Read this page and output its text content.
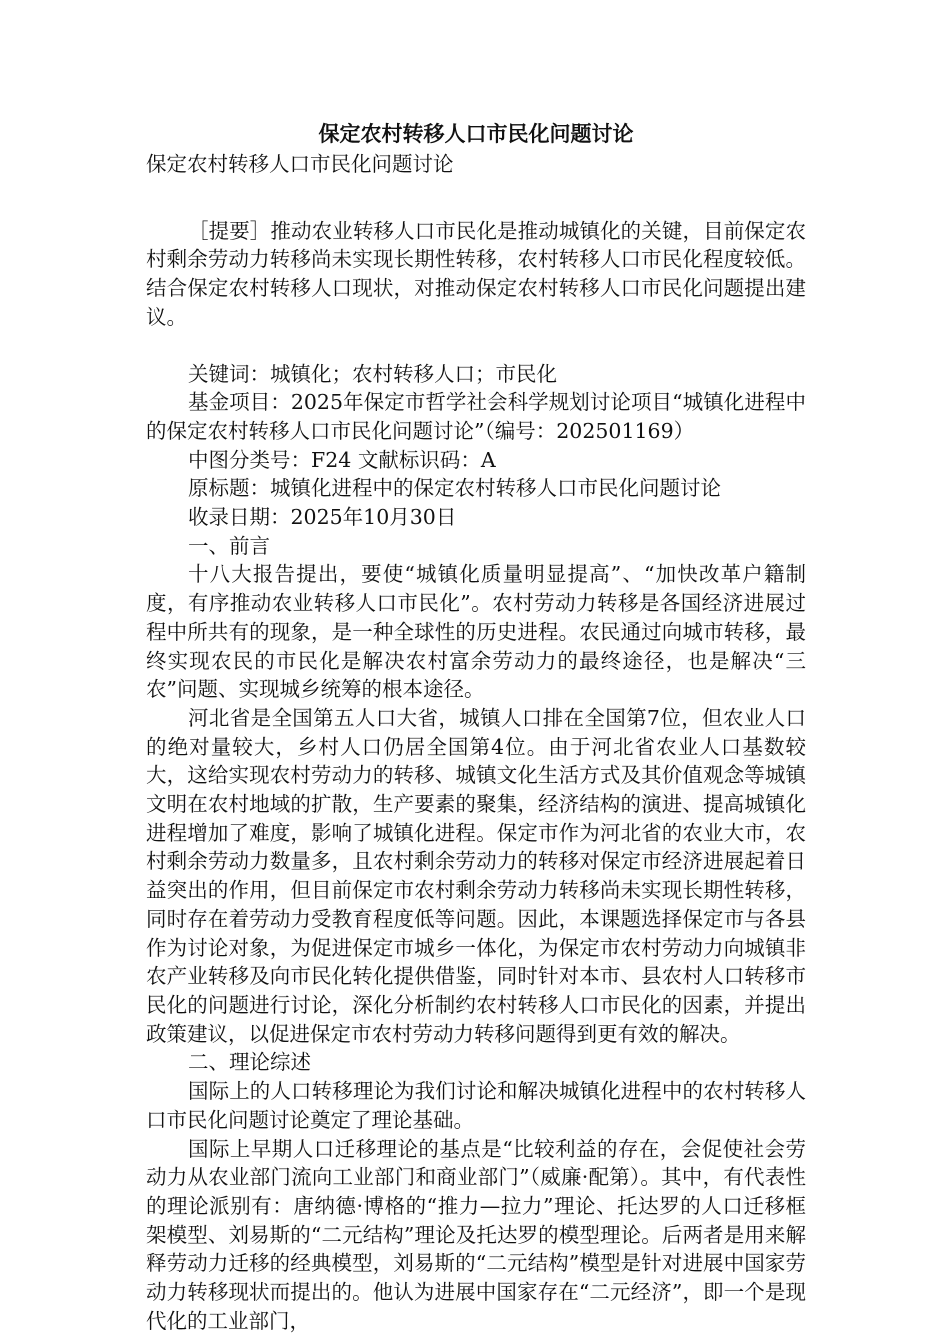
保定农村转移人口市民化问题讨论
保定农村转移人口市民化问题讨论

［提要］推动农业转移人口市民化是推动城镇化的关键，目前保定农村剩余劳动力转移尚未实现长期性转移，农村转移人口市民化程度较低。结合保定农村转移人口现状，对推动保定农村转移人口市民化问题提出建议。

关键词：城镇化；农村转移人口；市民化

基金项目：2025年保定市哲学社会科学规划讨论项目“城镇化进程中的保定农村转移人口市民化问题讨论”（编号：202501169）

中图分类号：F24 文献标识码：A

原标题：城镇化进程中的保定农村转移人口市民化问题讨论

收录日期：2025年10月30日

一、前言

十八大报告提出，要使“城镇化质量明显提高”、“加快改革户籍制度，有序推动农业转移人口市民化”。农村劳动力转移是各国经济进展过程中所共有的现象，是一种全球性的历史进程。农民通过向城市转移，最终实现农民的市民化是解决农村富余劳动力的最终途径，也是解决“三农”问题、实现城乡统筹的根本途径。

河北省是全国第五人口大省，城镇人口排在全国第7位，但农业人口的绝对量较大，乡村人口仍居全国第4位。由于河北省农业人口基数较大，这给实现农村劳动力的转移、城镇文化生活方式及其价值观念等城镇文明在农村地域的扩散，生产要素的聚集，经济结构的演进、提高城镇化进程增加了难度，影响了城镇化进程。保定市作为河北省的农业大市，农村剩余劳动力数量多，且农村剩余劳动力的转移对保定市经济进展起着日益突出的作用，但目前保定市农村剩余劳动力转移尚未实现长期性转移，同时存在着劳动力受教育程度低等问题。因此，本课题选择保定市与各县作为讨论对象，为促进保定市城乡一体化，为保定市农村劳动力向城镇非农产业转移及向市民化转化提供借鉴，同时针对本市、县农村人口转移市民化的问题进行讨论，深化分析制约农村转移人口市民化的因素，并提出政策建议，以促进保定市农村劳动力转移问题得到更有效的解决。

二、理论综述

国际上的人口转移理论为我们讨论和解决城镇化进程中的农村转移人口市民化问题讨论奠定了理论基础。

国际上早期人口迁移理论的基点是“比较利益的存在，会促使社会劳动力从农业部门流向工业部门和商业部门”（威廉·配第）。其中，有代表性的理论派别有：唐纳德·博格的“推力—拉力”理论、托达罗的人口迁移框架模型、刘易斯的“二元结构”理论及托达罗的模型理论。后两者是用来解释劳动力迁移的经典模型，刘易斯的“二元结构”模型是针对进展中国家劳动力转移现状而提出的。他认为进展中国家存在“二元经济”，即一个是现代化的工业部门，
